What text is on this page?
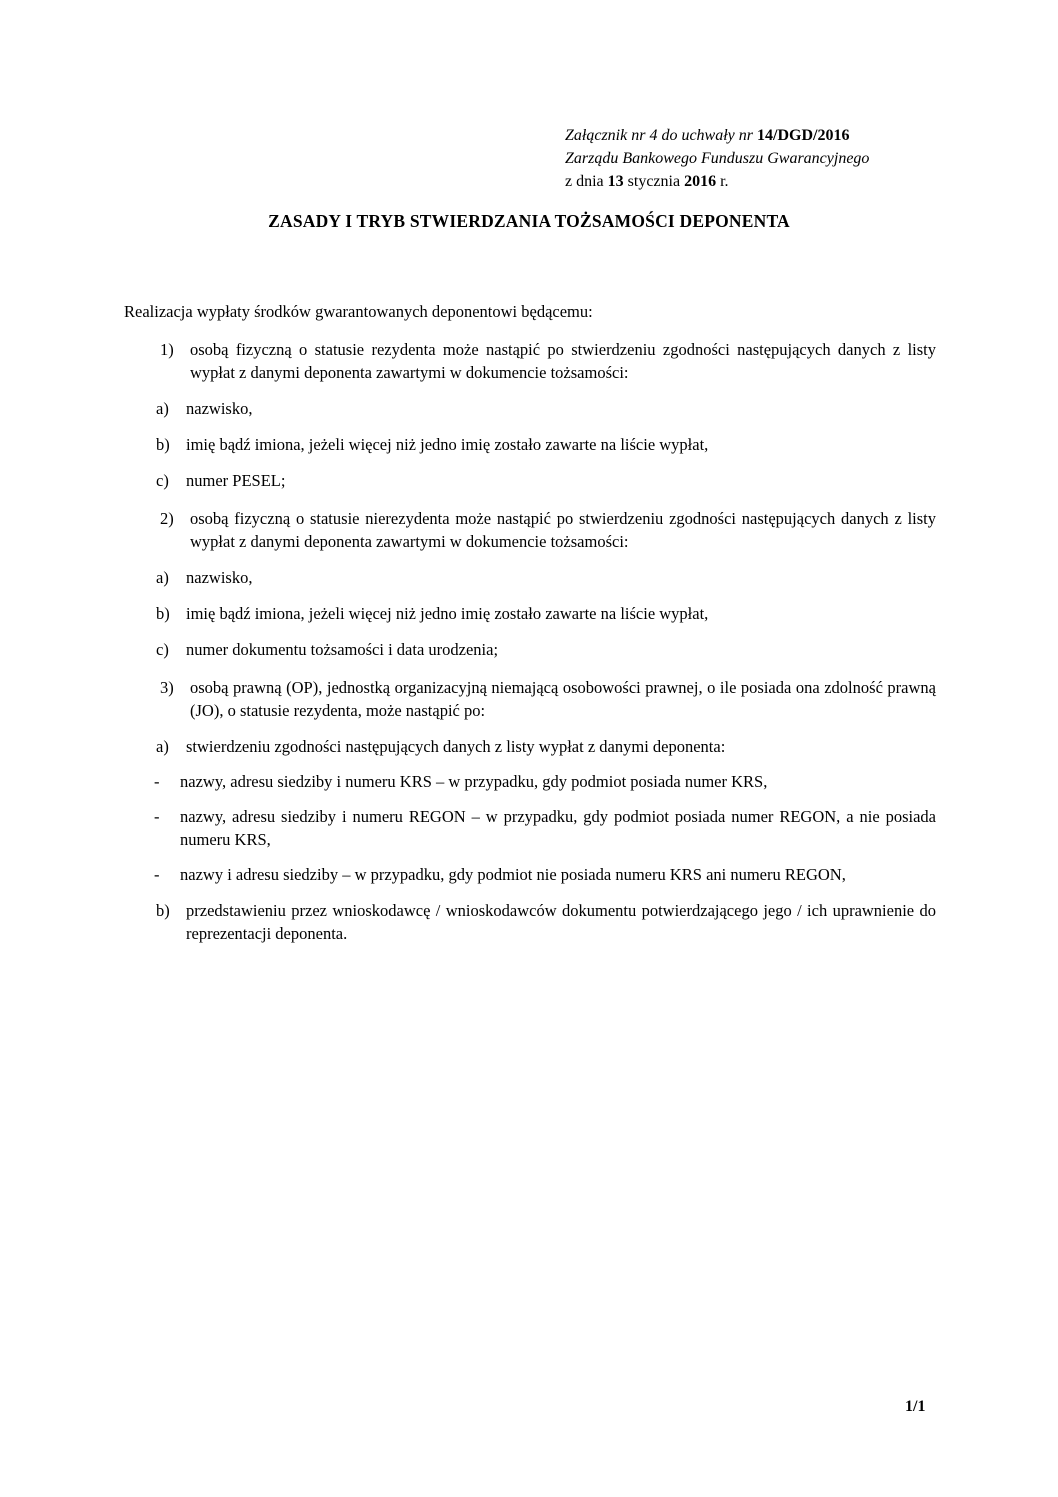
Załącznik nr 4 do uchwały nr 14/DGD/2016
Zarządu Bankowego Funduszu Gwarancyjnego
z dnia 13 stycznia 2016 r.
ZASADY I TRYB STWIERDZANIA TOŻSAMOŚCI DEPONENTA

Realizacja wypłaty środków gwarantowanych deponentowi będącemu:

1) osobą fizyczną o statusie rezydenta może nastąpić po stwierdzeniu zgodności następujących danych z listy wypłat z danymi deponenta zawartymi w dokumencie tożsamości:
a)	nazwisko,
b) imię bądź imiona, jeżeli więcej niż jedno imię zostało zawarte na liście wypłat,
c)	numer PESEL;
2) osobą fizyczną o statusie nierezydenta może nastąpić po stwierdzeniu zgodności następujących danych z listy wypłat z danymi deponenta zawartymi w dokumencie tożsamości:
a)	nazwisko,
b) imię bądź imiona, jeżeli więcej niż jedno imię zostało zawarte na liście wypłat,
c)	numer dokumentu tożsamości i data urodzenia;
3) osobą prawną (OP), jednostką organizacyjną niemającą osobowości prawnej, o ile posiada ona zdolność prawną (JO), o statusie rezydenta, może nastąpić po:
a)	stwierdzeniu zgodności następujących danych z listy wypłat z danymi deponenta:
-	nazwy, adresu siedziby i numeru KRS – w przypadku, gdy podmiot posiada numer KRS,
-	nazwy, adresu siedziby i numeru REGON – w przypadku, gdy podmiot posiada numer REGON, a nie posiada numeru KRS,
-	nazwy i adresu siedziby – w przypadku, gdy podmiot nie posiada numeru KRS ani numeru REGON,
b) przedstawieniu przez wnioskodawcę / wnioskodawców dokumentu potwierdzającego jego / ich uprawnienie do reprezentacji deponenta.
1/1
